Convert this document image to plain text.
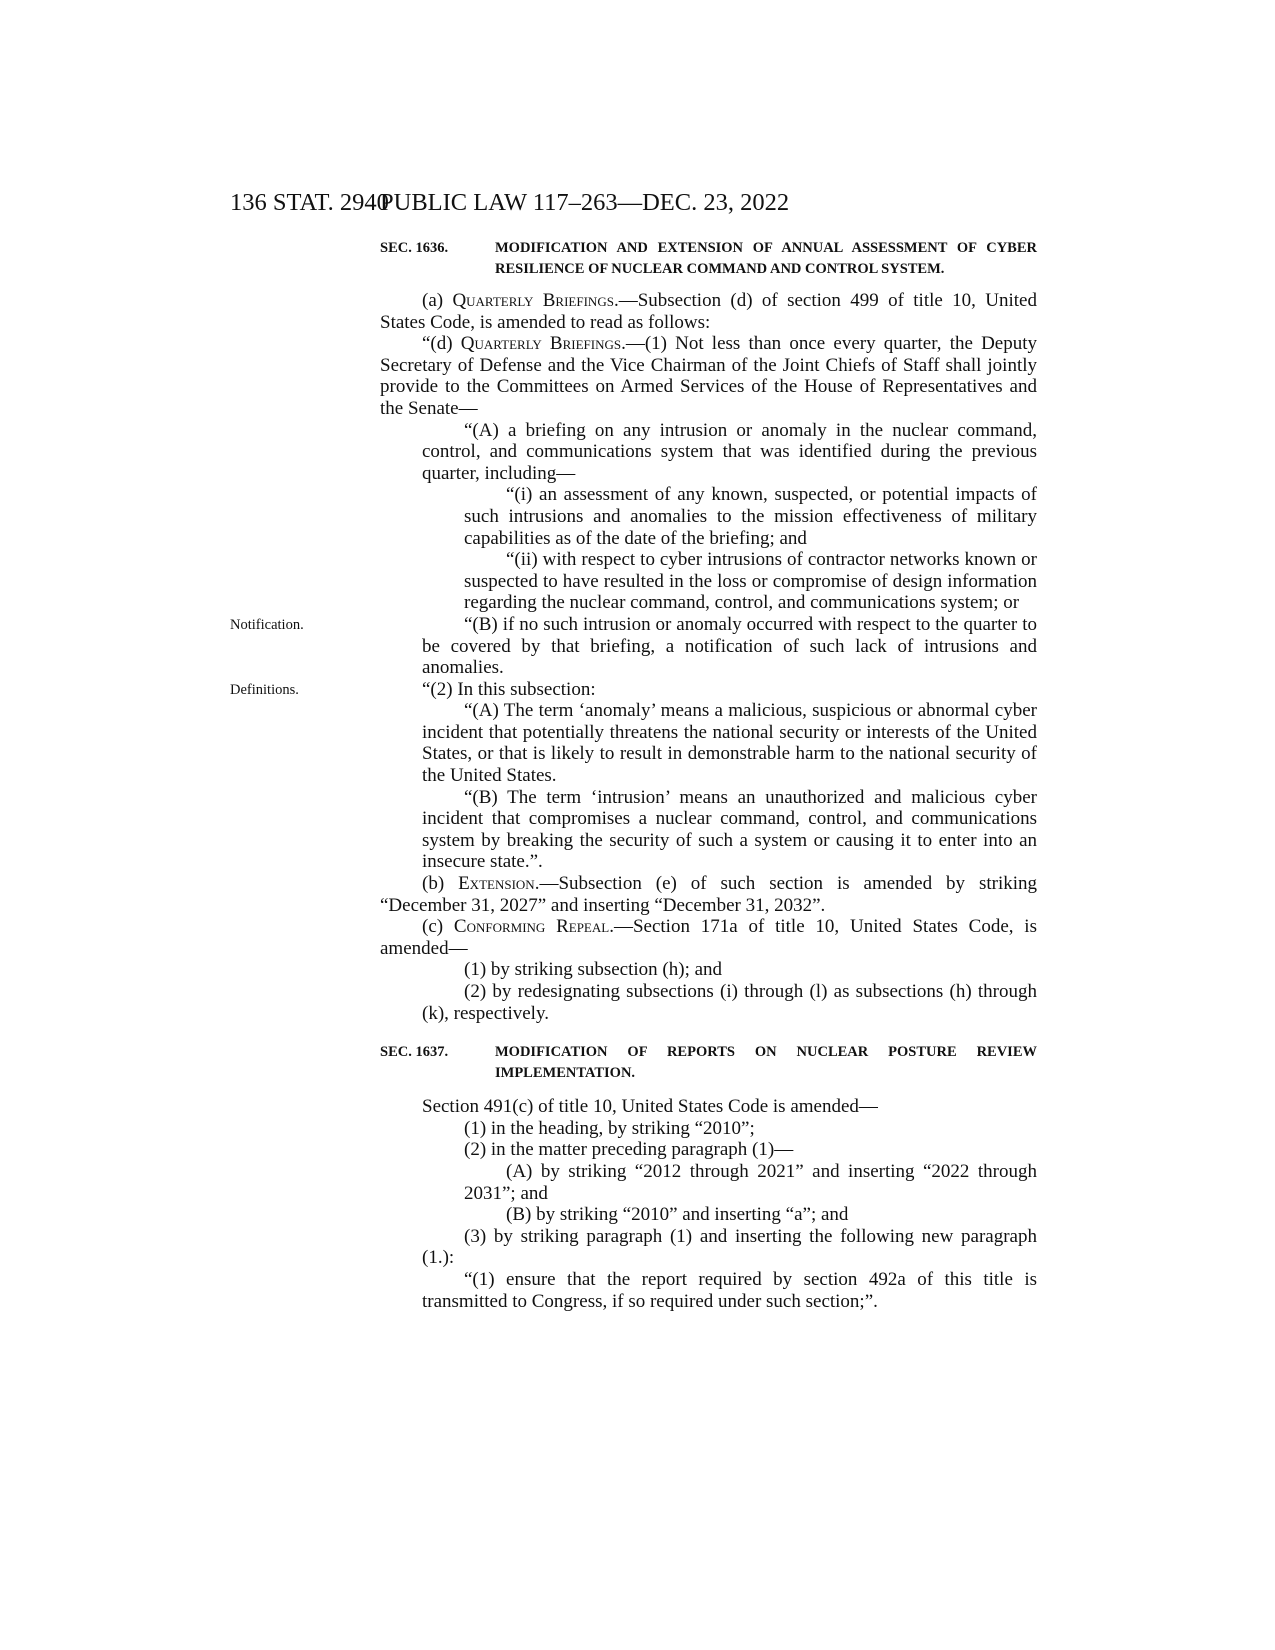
136 STAT. 2940
PUBLIC LAW 117–263—DEC. 23, 2022
SEC. 1636.	MODIFICATION AND EXTENSION OF ANNUAL ASSESSMENT OF CYBER RESILIENCE OF NUCLEAR COMMAND AND CONTROL SYSTEM.

(a) Quarterly Briefings.—Subsection (d) of section 499 of title 10, United States Code, is amended to read as follows:

“(d) Quarterly Briefings.—(1) Not less than once every quarter, the Deputy Secretary of Defense and the Vice Chairman of the Joint Chiefs of Staff shall jointly provide to the Committees on Armed Services of the House of Representatives and the Senate—

“(A) a briefing on any intrusion or anomaly in the nuclear command, control, and communications system that was identified during the previous quarter, including—

“(i) an assessment of any known, suspected, or potential impacts of such intrusions and anomalies to the mission effectiveness of military capabilities as of the date of the briefing; and

“(ii) with respect to cyber intrusions of contractor networks known or suspected to have resulted in the loss or compromise of design information regarding the nuclear command, control, and communications system; or

Notification.	“(B) if no such intrusion or anomaly occurred with respect to the quarter to be covered by that briefing, a notification of such lack of intrusions and anomalies.

Definitions.	“(2) In this subsection:

“(A) The term ‘anomaly’ means a malicious, suspicious or abnormal cyber incident that potentially threatens the national security or interests of the United States, or that is likely to result in demonstrable harm to the national security of the United States.

“(B) The term ‘intrusion’ means an unauthorized and malicious cyber incident that compromises a nuclear command, control, and communications system by breaking the security of such a system or causing it to enter into an insecure state.”.

(b) Extension.—Subsection (e) of such section is amended by striking “December 31, 2027” and inserting “December 31, 2032”.

(c) Conforming Repeal.—Section 171a of title 10, United States Code, is amended—

(1) by striking subsection (h); and

(2) by redesignating subsections (i) through (l) as subsections (h) through (k), respectively.

SEC. 1637.	MODIFICATION OF REPORTS ON NUCLEAR POSTURE REVIEW IMPLEMENTATION.

Section 491(c) of title 10, United States Code is amended—

(1) in the heading, by striking “2010”;

(2) in the matter preceding paragraph (1)—

(A) by striking “2012 through 2021” and inserting “2022 through 2031”; and

(B) by striking “2010” and inserting “a”; and

(3) by striking paragraph (1) and inserting the following new paragraph (1.):

“(1) ensure that the report required by section 492a of this title is transmitted to Congress, if so required under such section;”.
